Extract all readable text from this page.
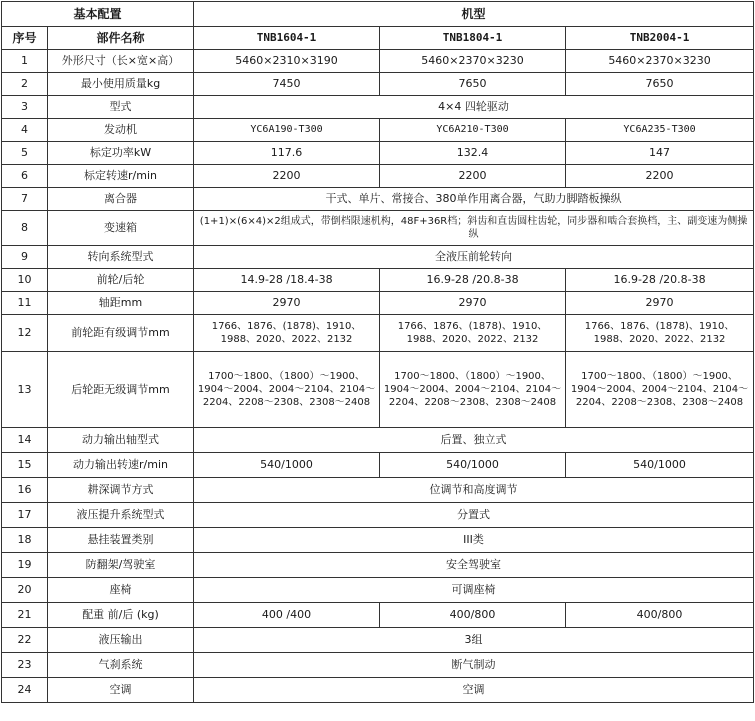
基本配置		机型		
序号	部件名称	TNB1604-1	TNB1804-1	TNB2004-1
1	外形尺寸（长×宽×高）	5460×2310×3190	5460×2370×3230	5460×2370×3230
2	最小使用质量kg	7450	7650	7650
3	型式	4×4 四轮驱动		
4	发动机	YC6A190-T300	YC6A210-T300	YC6A235-T300
5	标定功率kW	117.6	132.4	147
6	标定转速r/min	2200	2200	2200
7	离合器	干式、单片、常接合、380单作用离合器，气助力脚踏板操纵		
8	变速箱	(1+1)×(6×4)×2组成式，带倒档限速机构，48F+36R档；斜齿和直齿圆柱齿轮，同步器和啮合套换档，主、副变速为侧操纵		
9	转向系统型式	全液压前轮转向		
10	前轮/后轮	14.9-28 /18.4-38	16.9-28 /20.8-38	16.9-28 /20.8-38
11	轴距mm	2970	2970	2970
12	前轮距有级调节mm	1766、1876、(1878)、1910、1988、2020、2022、2132	1766、1876、(1878)、1910、1988、2020、2022、2132	1766、1876、(1878)、1910、1988、2020、2022、2132
13	后轮距无级调节mm	1700～1800、（1800）～1900、1904～2004、2004～2104、2104～2204、2208～2308、2308～2408	1700～1800、（1800）～1900、1904～2004、2004～2104、2104～2204、2208～2308、2308～2408	1700～1800、（1800）～1900、1904～2004、2004～2104、2104～2204、2208～2308、2308～2408
14	动力输出轴型式	后置、独立式		
15	动力输出转速r/min	540/1000	540/1000	540/1000
16	耕深调节方式	位调节和高度调节		
17	液压提升系统型式	分置式		
18	悬挂装置类别	III类		
19	防翻架/驾驶室	安全驾驶室		
20	座椅	可调座椅		
21	配重 前/后 (kg)	400 /400	400/800	400/800
22	液压输出	3组		
23	气刹系统	断气制动		
24	空调	空调		
